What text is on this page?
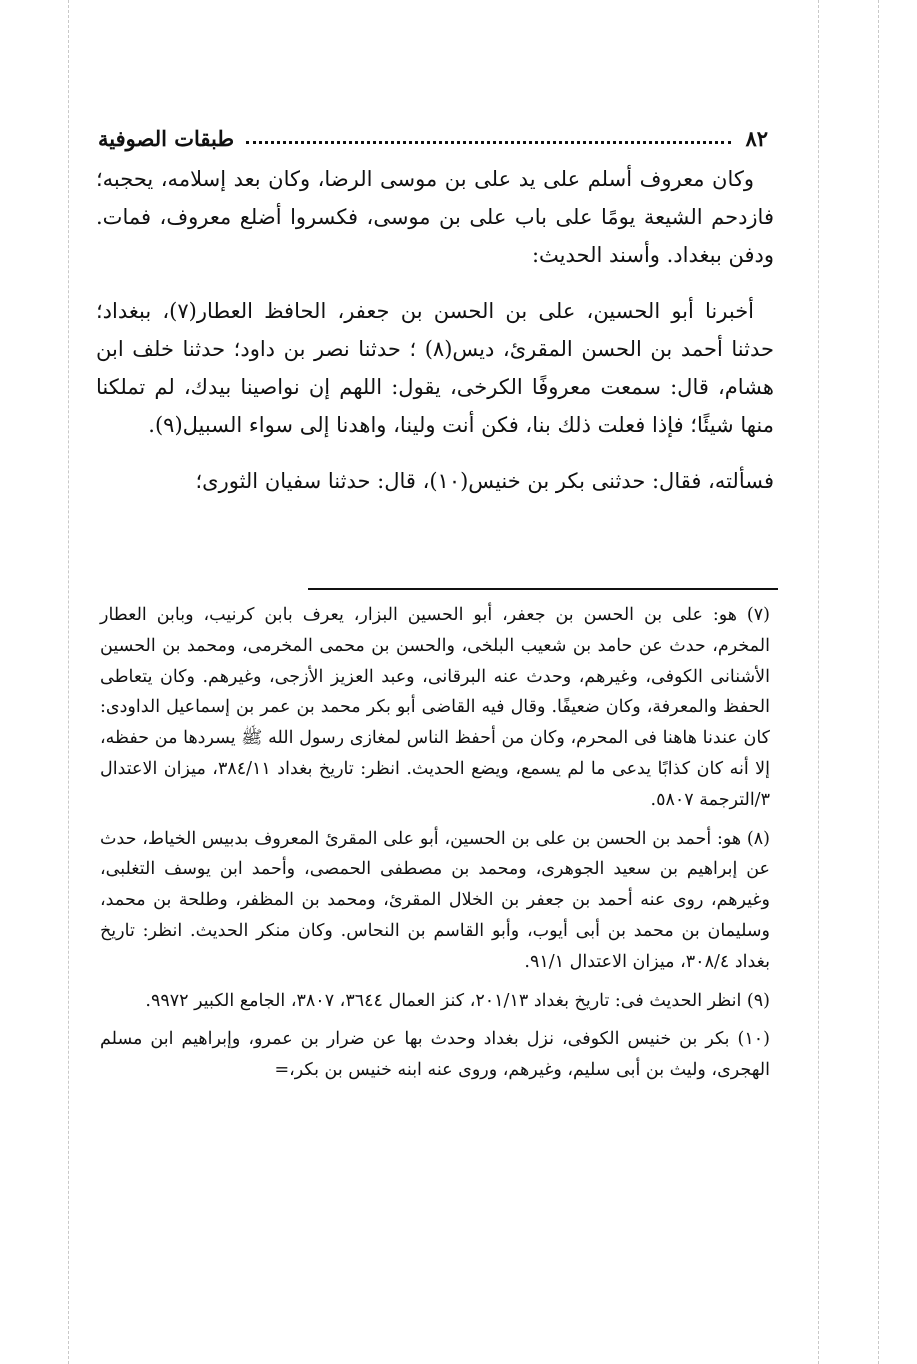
٨٢
طبقات الصوفية

وكان معروف أسلم على يد على بن موسى الرضا، وكان بعد إسلامه، يحجبه؛ فازدحم الشيعة يومًا على باب على بن موسى، فكسروا أضلع معروف، فمات. ودفن ببغداد. وأسند الحديث:

أخبرنا أبو الحسين، على بن الحسن بن جعفر، الحافظ العطار(٧)، ببغداد؛ حدثنا أحمد بن الحسن المقرئ، ديس(٨) ؛ حدثنا نصر بن داود؛ حدثنا خلف ابن هشام، قال: سمعت معروفًا الكرخى، يقول: اللهم إن نواصينا بيدك، لم تملكنا منها شيئًا؛ فإذا فعلت ذلك بنا، فكن أنت ولينا، واهدنا إلى سواء السبيل(٩).

فسألته، فقال: حدثنى بكر بن خنيس(١٠)، قال: حدثنا سفيان الثورى؛

(٧) هو: على بن الحسن بن جعفر، أبو الحسين البزار، يعرف بابن كرنيب، وبابن العطار المخرم، حدث عن حامد بن شعيب البلخى، والحسن بن محمى المخرمى، ومحمد بن الحسين الأشنانى الكوفى، وغيرهم، وحدث عنه البرقانى، وعبد العزيز الأزجى، وغيرهم. وكان يتعاطى الحفظ والمعرفة، وكان ضعيفًا. وقال فيه القاضى أبو بكر محمد بن عمر بن إسماعيل الداودى: كان عندنا هاهنا فى المحرم، وكان من أحفظ الناس لمغازى رسول الله ﷺ يسردها من حفظه، إلا أنه كان كذابًا يدعى ما لم يسمع، ويضع الحديث. انظر: تاريخ بغداد ٣٨٤/١١، ميزان الاعتدال ٣/الترجمة ٥٨٠٧.

(٨) هو: أحمد بن الحسن بن على بن الحسين، أبو على المقرئ المعروف بدبيس الخياط، حدث عن إبراهيم بن سعيد الجوهرى، ومحمد بن مصطفى الحمصى، وأحمد ابن يوسف التغلبى، وغيرهم، روى عنه أحمد بن جعفر بن الخلال المقرئ، ومحمد بن المظفر، وطلحة بن محمد، وسليمان بن محمد بن أبى أيوب، وأبو القاسم بن النحاس. وكان منكر الحديث. انظر: تاريخ بغداد ٣٠٨/٤، ميزان الاعتدال ٩١/١.

(٩) انظر الحديث فى: تاريخ بغداد ٢٠١/١٣، كنز العمال ٣٦٤٤، ٣٨٠٧، الجامع الكبير ٩٩٧٢.

(١٠) بكر بن خنيس الكوفى، نزل بغداد وحدث بها عن ضرار بن عمرو، وإبراهيم ابن مسلم الهجرى، وليث بن أبى سليم، وغيرهم، وروى عنه ابنه خنيس بن بكر،=
